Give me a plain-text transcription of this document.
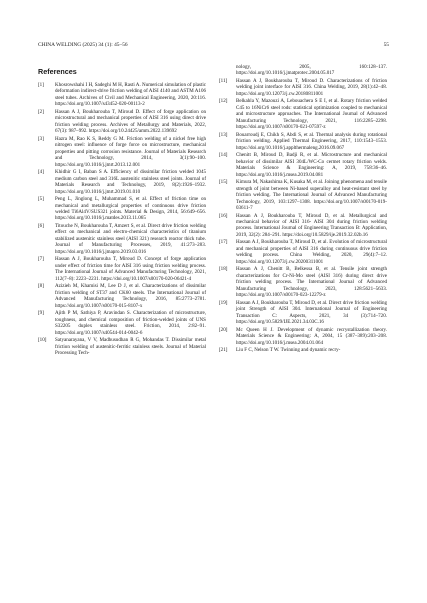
CHINA WELDING (2025) 34 (1): 45–56	55
References
[1] Khosrowshahi I H, Sadeghi M H, Rasti A. Numerical simulation of plastic deformation indirect-drive friction welding of AISI 4140 and ASTM A106 steel tubes. Archives of Civil and Mechanical Engineering, 2020, 20:116. https://doi.org/10.1007/s43452-020-00113-2
[2] Hassan A J, Boukharouba T, Miroud D. Effect of forge application on microstructural and mechanical properties of AISI 316 using direct drive friction welding process. Archives of Metallurgy and Materials, 2022, 67(3): 987–992. https://doi.org/10.24425/amm.2022.139692
[3] Hazra M, Rao K S, Reddy G M. Friction welding of a nickel free high nitrogen steel: influence of forge force on microstructure, mechanical properties and pitting corrosion resistance. Journal of Materials Research and Technology, 2014, 3(1):90–100. https://doi.org/10.1016/j.jmrt.2013.12.001
[4] Khidhir G I, Baban S A. Efficiency of dissimilar friction welded 1045 medium carbon steel and 316L austenitic stainless steel joints. Journal of Materials Research and Technology, 2019, 8(2):1926–1932. https://doi.org/10.1016/j.jmrt.2019.01.010
[5] Peng L, Jinglong L, Muhammad S, et al. Effect of friction time on mechanical and metallurgical properties of continuous drive friction welded Ti6Al4V/SUS321 joints. Material & Design, 2014, 56:649–656. https://doi.org/10.1016/j.matdes.2013.11.065
[6] Titouche N, Boukharouba T, Amzert S, et al. Direct drive friction welding effect on mechanical and electro-chemical characteristics of titanium stabilized austenitic stainless steel (AISI 321) research reactor thick tube. Journal of Manufacturing Processes, 2019, 41:273–283. https://doi.org/10.1016/j.jmapro.2019.03.016
[7] Hassan A J, Boukharouba T, Miroud D. Concept of forge application under effect of friction time for AISI 316 using friction welding process. The International Journal of Advanced Manufacturing Technology, 2021, 112(7–8): 2223–2231. https://doi.org/10.1007/s00170-020-06421-4
[8] Azizieh M, Khamisi M, Lee D J, et al. Characterizations of dissimilar friction welding of ST37 and CK60 steels. The International Journal of Advanced Manufacturing Technology, 2016, 85:2773–2781. https://doi.org/10.1007/s00170-015-8107-x
[9] Ajith P M, Sathiya P, Aravindan S. Characterization of microstructure, toughness, and chemical composition of friction-welded joints of UNS S32205 duplex stainless steel. Friction, 2014, 2:82–91. https://doi.org/10.1007/s40544-014-0042-6
[10] Satyanarayana, V V, Madhusudhan R G, Mohandas T. Dissimilar metal friction welding of austenitic-ferritic stainless steels. Journal of Material Processing Tech-
nology, 2005, 160:128–137. https://doi.org/10.1016/j.jmatprotec.2004.05.017
[11] Hassan A J, Boukharouba T, Miroud D. Characterizations of friction welding joint interface for AISI 316. China Welding, 2019, 28(1):42–48. https://doi.org/10.12073/j.cw.20180811001
[12] Belkahla Y, Mazouzi A, Lebouachera S E I, et al. Rotary friction welded C45 to 16NiCr6 steel rods: statistical optimization coupled to mechanical and microstructure approaches. The International Journal of Advanced Manufacturing Technology, 2021, 116:2285–2298. https://doi.org/10.1007/s00170-021-07597-z
[13] Bouarroudj E, Chikh S, Abdi S, et al. Thermal analysis during rotational friction welding. Applied Thermal Engineering, 2017, 110:1543–1553. https://doi.org/10.1016/j.applthermaleng.2016.09.067
[14] Chenitt B, Miroud D, Badji R, et al. Microstructure and mechanical behavior of dissimilar AISI 304L/WC-Co cermet rotary friction welds. Materials Science & Engineering: A, 2019, 758:36–46. https://doi.org/10.1016/j.msea.2019.04.081
[15] Kimura M, Nakashima K, Kusaka M, et al. Joining phenomena and tensile strength of joint between Ni-based superalloy and heat-resistant steel by friction welding. The International Journal of Advanced Manufacturing Technology, 2019, 103:1297–1308. https://doi.org/10.1007/s00170-019-03611-7
[16] Hassan A J, Boukharouba T, Miroud D, et al. Metallurgical and mechanical behavior of AISI 316- AISI 304 during friction welding process. International Journal of Engineering Transaction B: Application, 2019, 32(2): 284–291. https://doi.org/10.5829/ije.2019.32.02b.16
[17] Hassan A J, Boukharouba T, Miroud D, et al. Evolution of microstructural and mechanical properties of AISI 316 during continuous drive friction welding process. China Welding, 2020, 29(4):7–12. https://doi.org/10.12073/j.cw.20200311001
[18] Hassan A J, Chenitt B, Belkessa B, et al. Tensile joint strength characterizations for Cr-Ni-Mo steel (AISI 316) during direct drive friction welding process. The International Journal of Advanced Manufacturing Technology, 2023, 128:5621–5633. https://doi.org/10.1007/s00170-023-12279-z
[19] Hassan A J, Boukharouba T, Miroud D, et al. Direct drive friction welding joint Strength of AISI 304. International Journal of Engineering Transaction C: Aspects, 2021, 34 (3):714–720. https://doi.org/10.5829/IJE.2021.34.03C.16
[20] Mc Queen H J. Development of dynamic recrystallization theory. Materials Science & Engineering: A, 2004, 15 (387–389):203–208. https://doi.org/10.1016/j.msea.2004.01.064
[21] Liu F C, Nelson T W. Twinning and dynamic recry-
